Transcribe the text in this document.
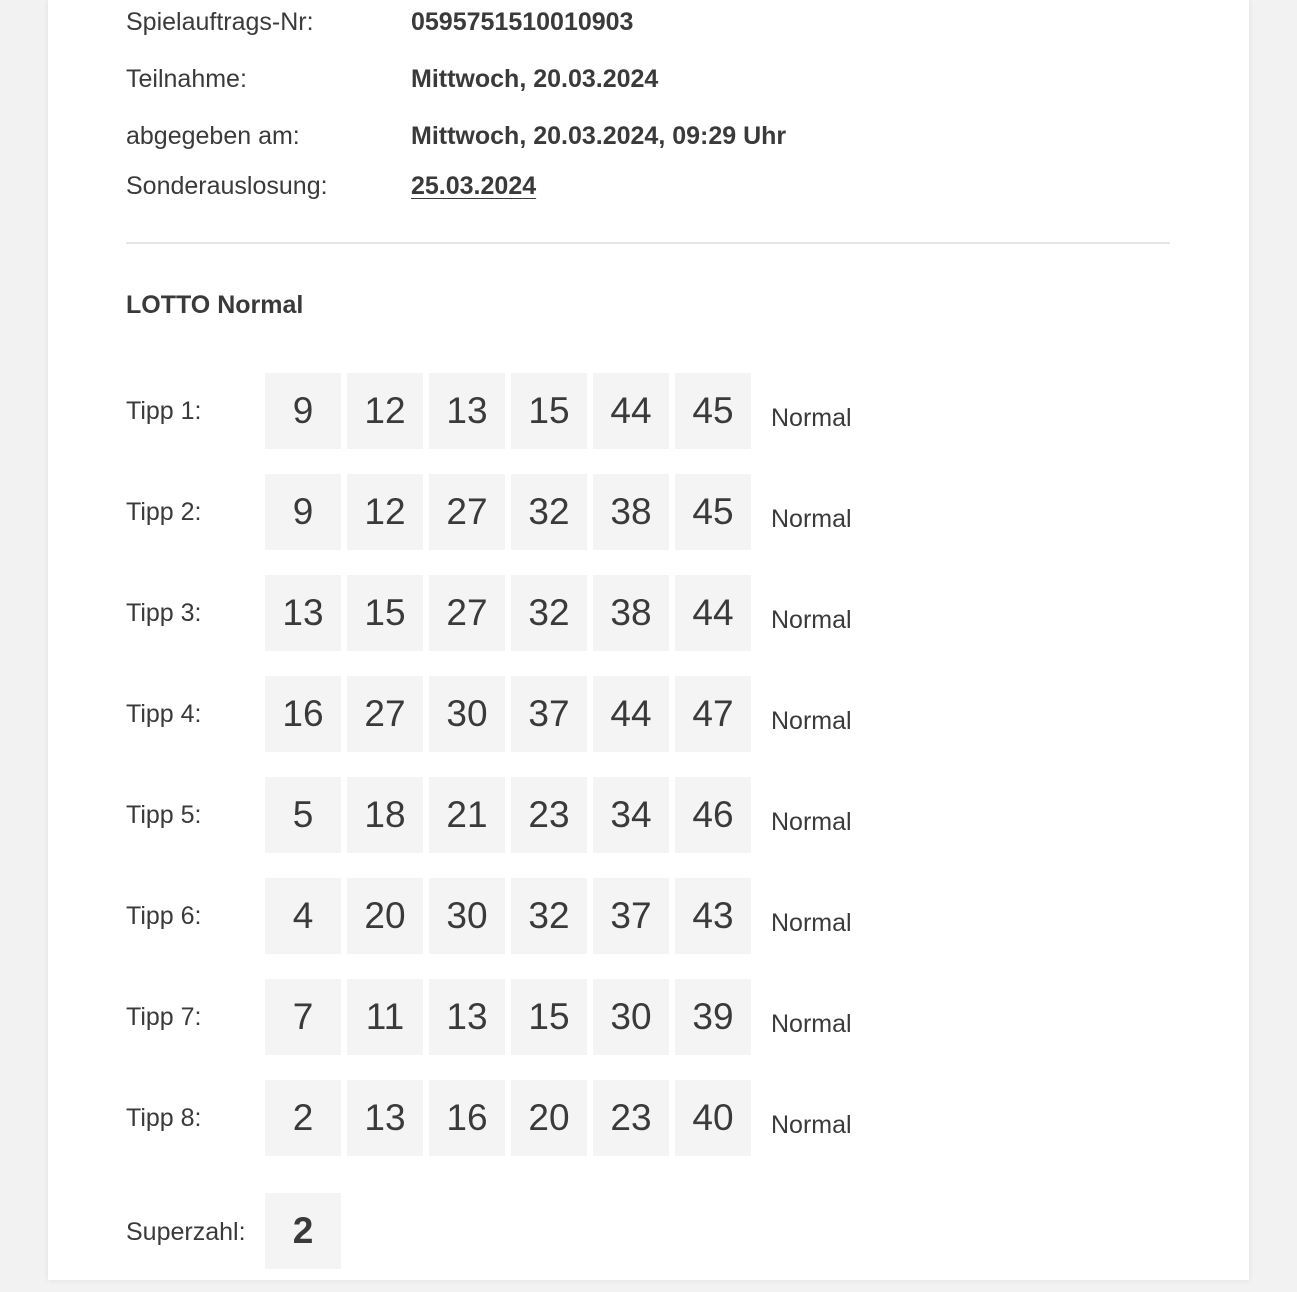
Spielauftrags-Nr:	0595751510010903
Teilnahme:	Mittwoch, 20.03.2024
abgegeben am:	Mittwoch, 20.03.2024, 09:29 Uhr
Sonderauslosung:	25.03.2024
LOTTO Normal
Tipp 1:	9	12	13	15	44	45	Normal
Tipp 2:	9	12	27	32	38	45	Normal
Tipp 3:	13	15	27	32	38	44	Normal
Tipp 4:	16	27	30	37	44	47	Normal
Tipp 5:	5	18	21	23	34	46	Normal
Tipp 6:	4	20	30	32	37	43	Normal
Tipp 7:	7	11	13	15	30	39	Normal
Tipp 8:	2	13	16	20	23	40	Normal
Superzahl:	2
